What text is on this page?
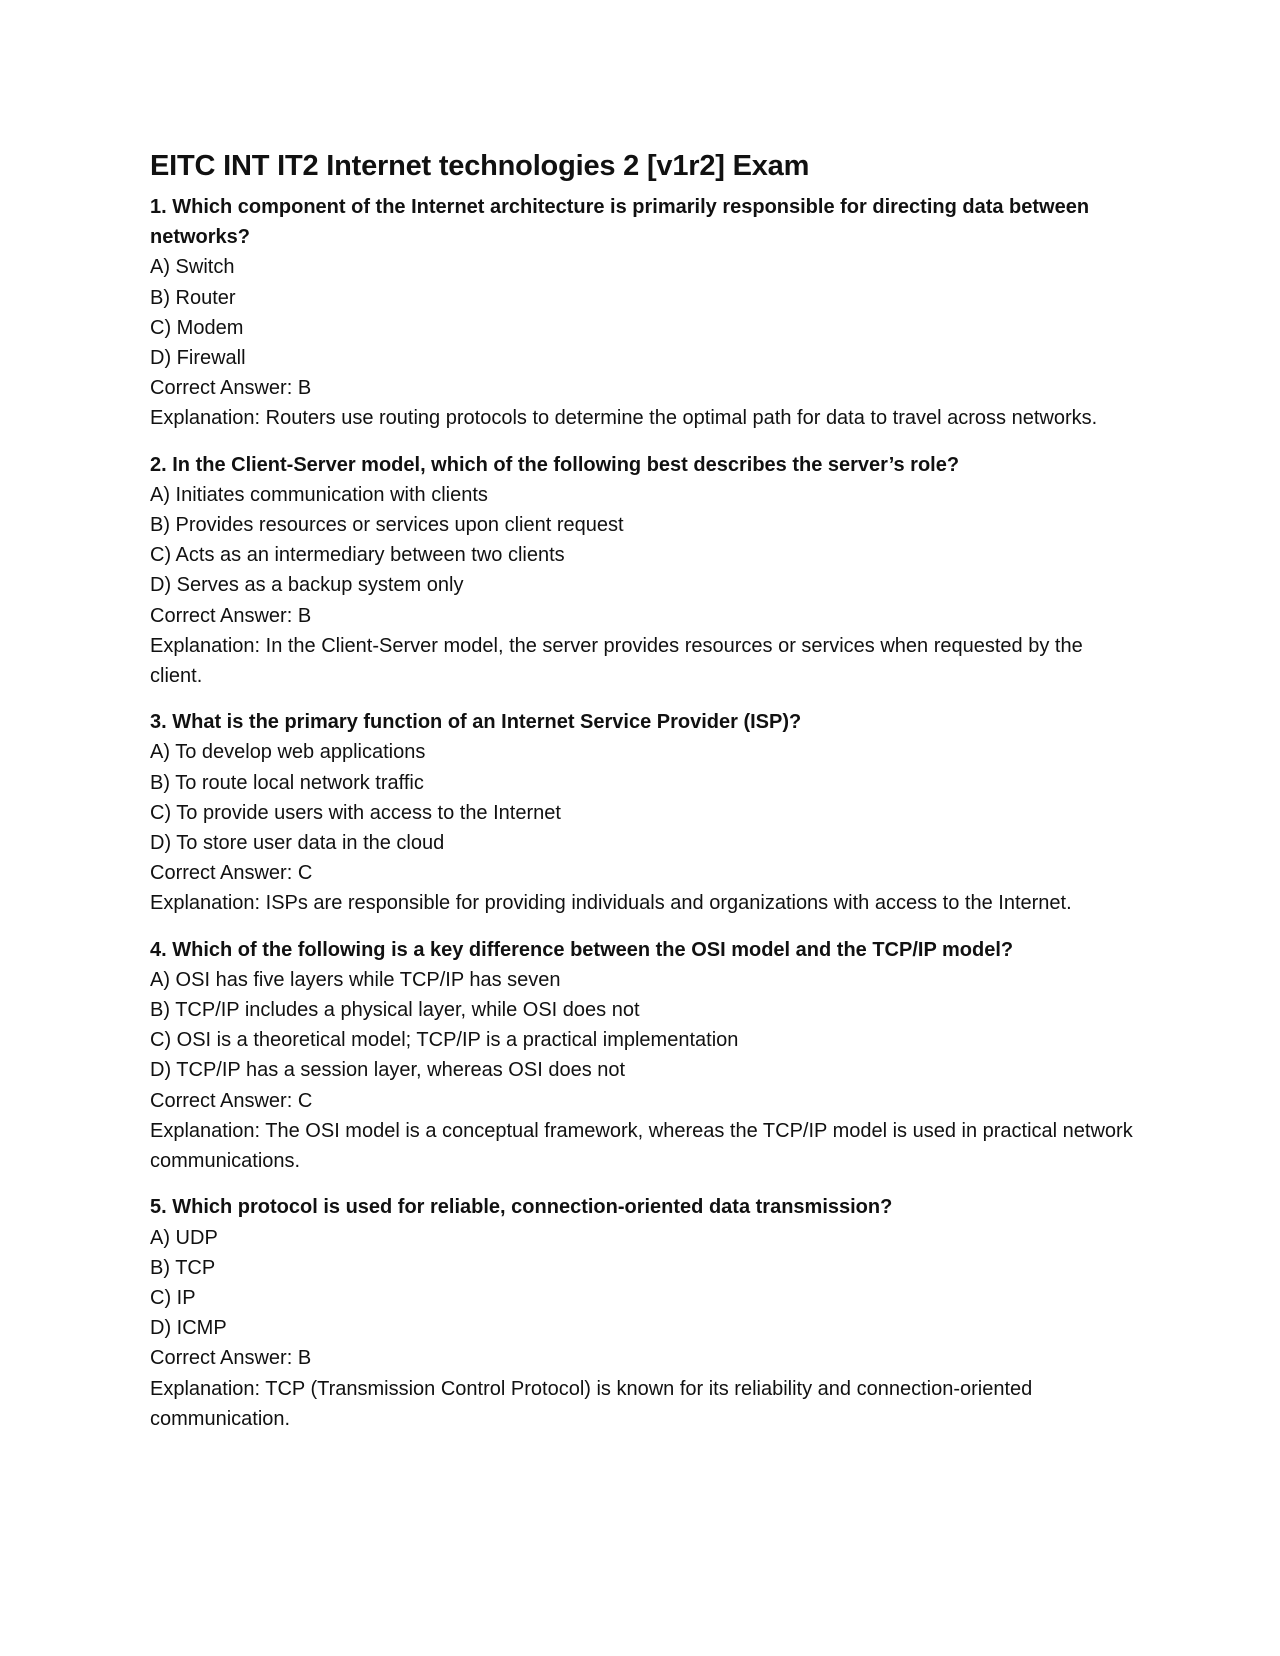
EITC INT IT2 Internet technologies 2 [v1r2] Exam

1. Which component of the Internet architecture is primarily responsible for directing data between networks?

A) Switch
B) Router
C) Modem
D) Firewall

Correct Answer: B

Explanation: Routers use routing protocols to determine the optimal path for data to travel across networks.

2. In the Client-Server model, which of the following best describes the server’s role?

A) Initiates communication with clients
B) Provides resources or services upon client request
C) Acts as an intermediary between two clients
D) Serves as a backup system only

Correct Answer: B

Explanation: In the Client-Server model, the server provides resources or services when requested by the client.

3. What is the primary function of an Internet Service Provider (ISP)?

A) To develop web applications
B) To route local network traffic
C) To provide users with access to the Internet
D) To store user data in the cloud

Correct Answer: C

Explanation: ISPs are responsible for providing individuals and organizations with access to the Internet.

4. Which of the following is a key difference between the OSI model and the TCP/IP model?

A) OSI has five layers while TCP/IP has seven
B) TCP/IP includes a physical layer, while OSI does not
C) OSI is a theoretical model; TCP/IP is a practical implementation
D) TCP/IP has a session layer, whereas OSI does not

Correct Answer: C

Explanation: The OSI model is a conceptual framework, whereas the TCP/IP model is used in practical network communications.

5. Which protocol is used for reliable, connection-oriented data transmission?

A) UDP
B) TCP
C) IP
D) ICMP

Correct Answer: B

Explanation: TCP (Transmission Control Protocol) is known for its reliability and connection-oriented communication.
